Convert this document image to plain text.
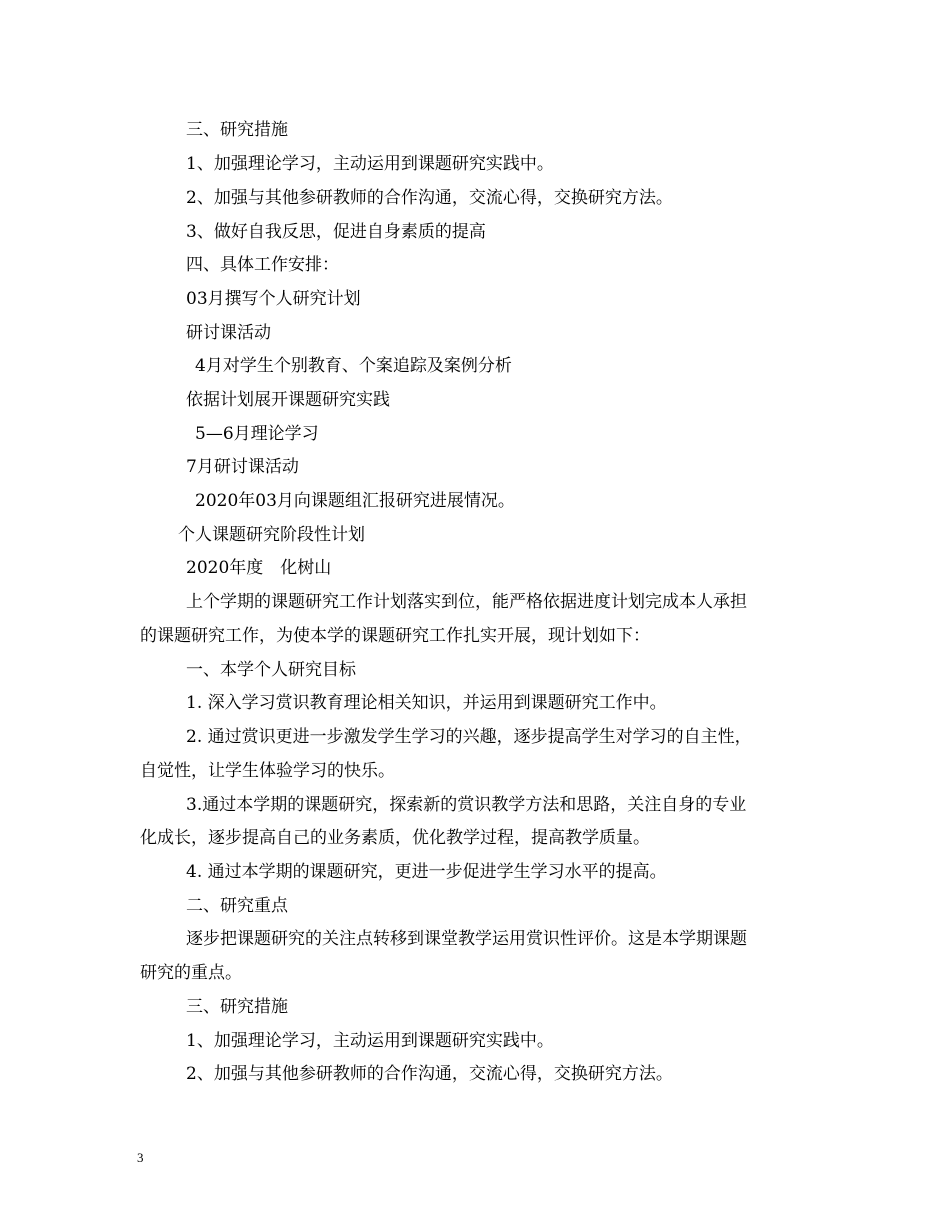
三、研究措施
1、加强理论学习，主动运用到课题研究实践中。
2、加强与其他参研教师的合作沟通，交流心得，交换研究方法。
3、做好自我反思，促进自身素质的提高
四、具体工作安排：
03月撰写个人研究计划
研讨课活动
4月对学生个别教育、个案追踪及案例分析
依据计划展开课题研究实践
5—6月理论学习
7月研讨课活动
2020年03月向课题组汇报研究进展情况。
个人课题研究阶段性计划
2020年度　化树山
上个学期的课题研究工作计划落实到位，能严格依据进度计划完成本人承担
的课题研究工作，为使本学的课题研究工作扎实开展，现计划如下：
一、本学个人研究目标
1. 深入学习赏识教育理论相关知识，并运用到课题研究工作中。
2. 通过赏识更进一步激发学生学习的兴趣，逐步提高学生对学习的自主性，
自觉性，让学生体验学习的快乐。
3.通过本学期的课题研究，探索新的赏识教学方法和思路，关注自身的专业
化成长，逐步提高自己的业务素质，优化教学过程，提高教学质量。
4. 通过本学期的课题研究，更进一步促进学生学习水平的提高。
二、研究重点
逐步把课题研究的关注点转移到课堂教学运用赏识性评价。这是本学期课题
研究的重点。
三、研究措施
1、加强理论学习，主动运用到课题研究实践中。
2、加强与其他参研教师的合作沟通，交流心得，交换研究方法。
3
